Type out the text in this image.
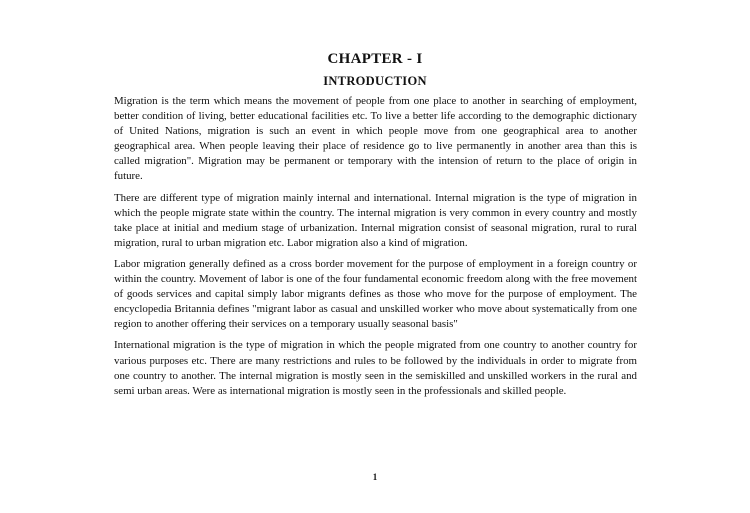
CHAPTER - I
INTRODUCTION

Migration is the term which means the movement of people from one place to another in searching of employment, better condition of living, better educational facilities etc. To live a better life according to the demographic dictionary of United Nations, migration is such an event in which people move from one geographical area to another geographical area. When people leaving their place of residence go to live permanently in another area than this is called migration". Migration may be permanent or temporary with the intension of return to the place of origin in future.

There are different type of migration mainly internal and international. Internal migration is the type of migration in which the people migrate state within the country. The internal migration is very common in every country and mostly take place at initial and medium stage of urbanization. Internal migration consist of seasonal migration, rural to rural migration, rural to urban migration etc. Labor migration also a kind of migration.

Labor migration generally defined as a cross border movement for the purpose of employment in a foreign country or within the country. Movement of labor is one of the four fundamental economic freedom along with the free movement of goods services and capital simply labor migrants defines as those who move for the purpose of employment. The encyclopedia Britannia defines "migrant labor as casual and unskilled worker who move about systematically from one region to another offering their services on a temporary usually seasonal basis"

International migration is the type of migration in which the people migrated from one country to another country for various purposes etc. There are many restrictions and rules to be followed by the individuals in order to migrate from one country to another. The internal migration is mostly seen in the semiskilled and unskilled workers in the rural and semi urban areas. Were as international migration is mostly seen in the professionals and skilled people.

1
